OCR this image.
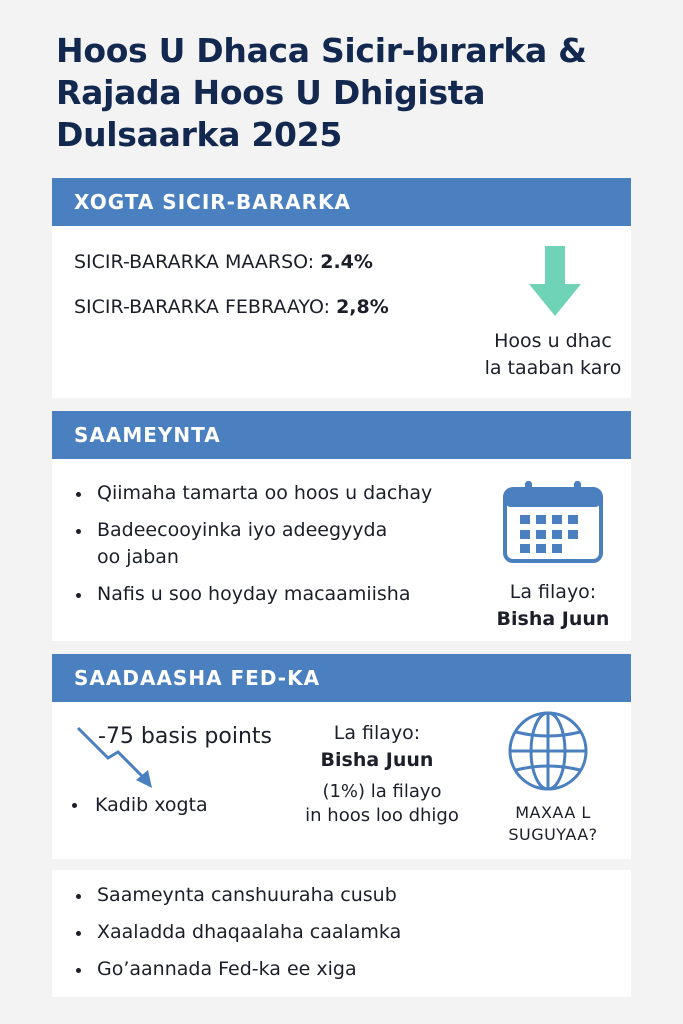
Hoos U Dhaca Sicir-bırarka &
Rajada Hoos U Dhigista
Dulsaarka 2025
XOGTA SICIR-BARARKA
SICIR-BARARKA MAARSO: 2.4%
SICIR-BARARKA FEBRAAYO: 2,8%
Hoos u dhac
la taaban karo
SAAMEYNTA
Qiimaha tamarta oo hoos u dachay
Badeecooyinka iyo adeegyyda
oo jaban
Nafis u soo hoyday macaamiisha	La filayo:
Bisha Juun
SAADAASHA FED-KA
-75 basis points
Kadib xogta
La filayo:
Bisha Juun
(1%) la filayo
in hoos loo dhigo	MAXAA L
SUGUYAA?
Saameynta canshuuraha cusub
Xaaladda dhaqaalaha caalamka
Go’aannada Fed-ka ee xiga
